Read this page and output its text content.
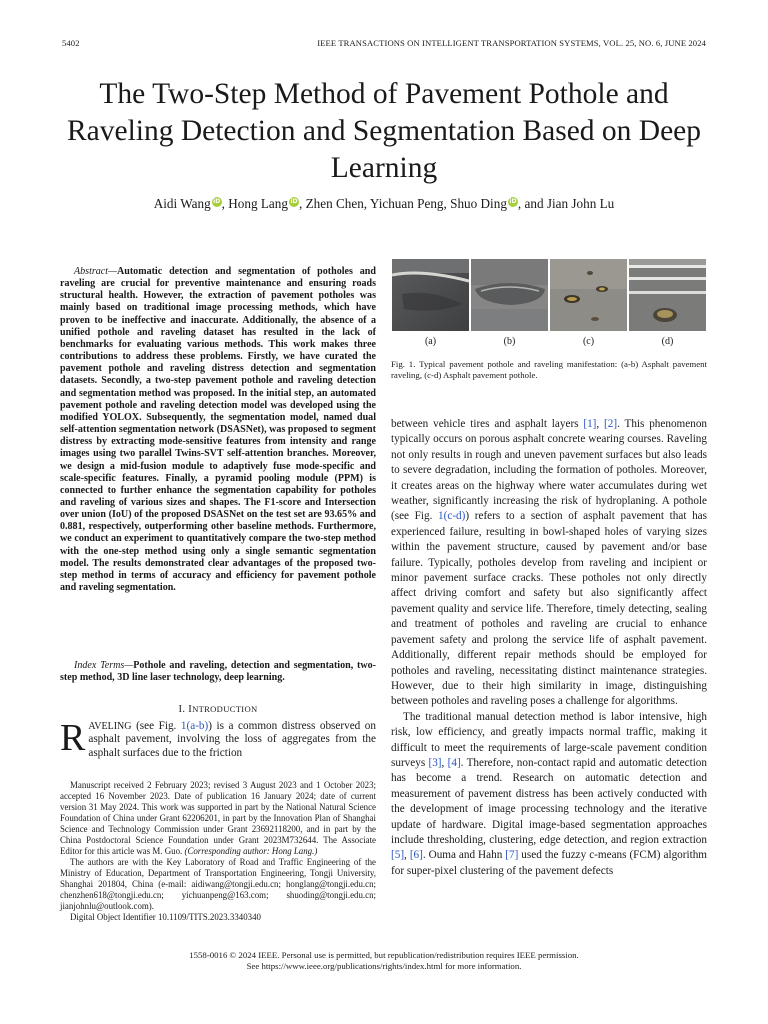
5402	IEEE TRANSACTIONS ON INTELLIGENT TRANSPORTATION SYSTEMS, VOL. 25, NO. 6, JUNE 2024
The Two-Step Method of Pavement Pothole and Raveling Detection and Segmentation Based on Deep Learning
Aidi Wang iD, Hong Lang iD, Zhen Chen, Yichuan Peng, Shuo Ding iD, and Jian John Lu
Abstract—Automatic detection and segmentation of potholes and raveling are crucial for preventive maintenance and ensuring roads structural health. However, the extraction of pavement potholes was mainly based on traditional image processing methods, which have proven to be ineffective and inaccurate. Additionally, the absence of a unified pothole and raveling dataset has resulted in the lack of benchmarks for evaluating various methods. This work makes three contributions to address these problems. Firstly, we have curated the pavement pothole and raveling distress detection and segmentation datasets. Secondly, a two-step pavement pothole and raveling detection and segmentation method was proposed. In the initial step, an automated pavement pothole and raveling detection model was developed using the modified YOLOX. Subsequently, the segmentation model, named dual self-attention segmentation network (DSASNet), was proposed to segment distress by extracting mode-sensitive features from intensity and range images using two parallel Twins-SVT self-attention branches. Moreover, we design a mid-fusion module to adaptively fuse mode-specific and scale-specific features. Finally, a pyramid pooling module (PPM) is connected to further enhance the segmentation capability for potholes and raveling of various sizes and shapes. The F1-score and Intersection over union (IoU) of the proposed DSASNet on the test set are 93.65% and 0.881, respectively, outperforming other baseline methods. Furthermore, we conduct an experiment to quantitatively compare the two-step method with the one-step method using only a single semantic segmentation model. The results demonstrated clear advantages of the proposed two-step method in terms of accuracy and efficiency for pavement pothole and raveling segmentation.
Index Terms—Pothole and raveling, detection and segmentation, two-step method, 3D line laser technology, deep learning.
I. INTRODUCTION
RAVELING (see Fig. 1(a-b)) is a common distress observed on asphalt pavement, involving the loss of aggregates from the asphalt surfaces due to the friction

Manuscript received 2 February 2023; revised 3 August 2023 and 1 October 2023; accepted 16 November 2023. Date of publication 16 January 2024; date of current version 31 May 2024. This work was supported in part by the National Natural Science Foundation of China under Grant 62206201, in part by the Innovation Plan of Shanghai Science and Technology Commission under Grant 23692118200, and in part by the China Postdoctoral Science Foundation under Grant 2023M732644. The Associate Editor for this article was M. Guo. (Corresponding author: Hong Lang.)

The authors are with the Key Laboratory of Road and Traffic Engineering of the Ministry of Education, Department of Transportation Engineering, Tongji University, Shanghai 201804, China (e-mail: aidiwang@tongji.edu.cn; honglang@tongji.edu.cn; chenzhen618@tongji.edu.cn; yichuanpeng@163.com; shuoding@tongji.edu.cn; jianjohnlu@outlook.com).

Digital Object Identifier 10.1109/TITS.2023.3340340

(a)	(b)	(c)	(d)
Fig. 1. Typical pavement pothole and raveling manifestation: (a-b) Asphalt pavement raveling, (c-d) Asphalt pavement pothole.

between vehicle tires and asphalt layers [1], [2]. This phenomenon typically occurs on porous asphalt concrete wearing courses. Raveling not only results in rough and uneven pavement surfaces but also leads to severe degradation, including the formation of potholes. Moreover, it creates areas on the highway where water accumulates during wet weather, significantly increasing the risk of hydroplaning. A pothole (see Fig. 1(c-d)) refers to a section of asphalt pavement that has experienced failure, resulting in bowl-shaped holes of varying sizes within the pavement structure, caused by pavement and/or base failure. Typically, potholes develop from raveling and incipient or minor pavement surface cracks. These potholes not only directly affect driving comfort and safety but also significantly affect pavement quality and service life. Therefore, timely detecting, sealing and treatment of potholes and raveling are crucial to enhance pavement safety and prolong the service life of asphalt pavement. Additionally, different repair methods should be employed for potholes and raveling, necessitating distinct maintenance strategies. However, due to their high similarity in image, distinguishing between potholes and raveling poses a challenge for algorithms.

The traditional manual detection method is labor intensive, high risk, low efficiency, and greatly impacts normal traffic, making it difficult to meet the requirements of large-scale pavement condition surveys [3], [4]. Therefore, non-contact rapid and automatic detection has become a trend. Research on automatic detection and measurement of pavement distress has been actively conducted with the development of image processing technology and the iterative update of hardware. Digital image-based segmentation approaches include thresholding, clustering, edge detection, and region extraction [5], [6]. Ouma and Hahn [7] used the fuzzy c-means (FCM) algorithm for super-pixel clustering of the pavement defects

1558-0016 © 2024 IEEE. Personal use is permitted, but republication/redistribution requires IEEE permission.
See https://www.ieee.org/publications/rights/index.html for more information.
